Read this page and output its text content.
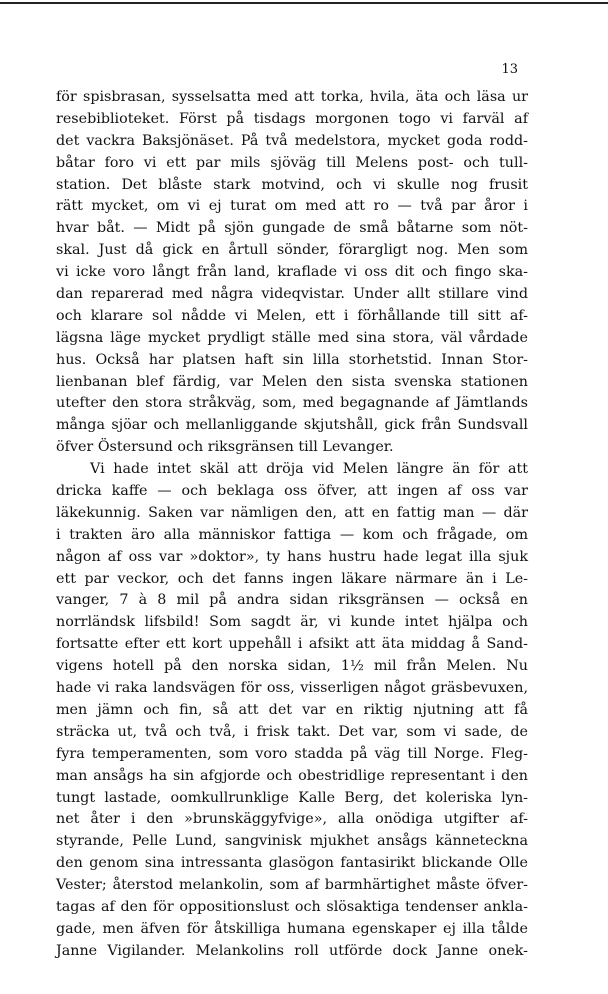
13
för spisbrasan, sysselsatta med att torka, hvila, äta och läsa ur
resebiblioteket. Först på tisdags morgonen togo vi farväl af
det vackra Baksjönäset. På två medelstora, mycket goda rodd-
båtar foro vi ett par mils sjöväg till Melens post- och tull-
station. Det blåste stark motvind, och vi skulle nog frusit
rätt mycket, om vi ej turat om med att ro — två par åror i
hvar båt. — Midt på sjön gungade de små båtarne som nöt-
skal. Just då gick en årtull sönder, förargligt nog. Men som
vi icke voro långt från land, kraflade vi oss dit och fingo ska-
dan reparerad med några videqvistar. Under allt stillare vind
och klarare sol nådde vi Melen, ett i förhållande till sitt af-
lägsna läge mycket prydligt ställe med sina stora, väl vårdade
hus. Också har platsen haft sin lilla storhetstid. Innan Stor-
lienbanan blef färdig, var Melen den sista svenska stationen
utefter den stora stråkväg, som, med begagnande af Jämtlands
många sjöar och mellanliggande skjutshåll, gick från Sundsvall
öfver Östersund och riksgränsen till Levanger.
Vi hade intet skäl att dröja vid Melen längre än för att
dricka kaffe — och beklaga oss öfver, att ingen af oss var
läkekunnig. Saken var nämligen den, att en fattig man — där
i trakten äro alla människor fattiga — kom och frågade, om
någon af oss var »doktor», ty hans hustru hade legat illa sjuk
ett par veckor, och det fanns ingen läkare närmare än i Le-
vanger, 7 à 8 mil på andra sidan riksgränsen — också en
norrländsk lifsbild! Som sagdt är, vi kunde intet hjälpa och
fortsatte efter ett kort uppehåll i afsikt att äta middag å Sand-
vigens hotell på den norska sidan, 1½ mil från Melen. Nu
hade vi raka landsvägen för oss, visserligen något gräsbevuxen,
men jämn och fin, så att det var en riktig njutning att få
sträcka ut, två och två, i frisk takt. Det var, som vi sade, de
fyra temperamenten, som voro stadda på väg till Norge. Fleg-
man ansågs ha sin afgjorde och obestridlige representant i den
tungt lastade, oomkullrunklige Kalle Berg, det koleriska lyn-
net åter i den »brunskäggyfvige», alla onödiga utgifter af-
styrande, Pelle Lund, sangvinisk mjukhet ansågs känneteckna
den genom sina intressanta glasögon fantasirikt blickande Olle
Vester; återstod melankolin, som af barmhärtighet måste öfver-
tagas af den för oppositionslust och slösaktiga tendenser ankla-
gade, men äfven för åtskilliga humana egenskaper ej illa tålde
Janne Vigilander. Melankolins roll utförde dock Janne onek-
